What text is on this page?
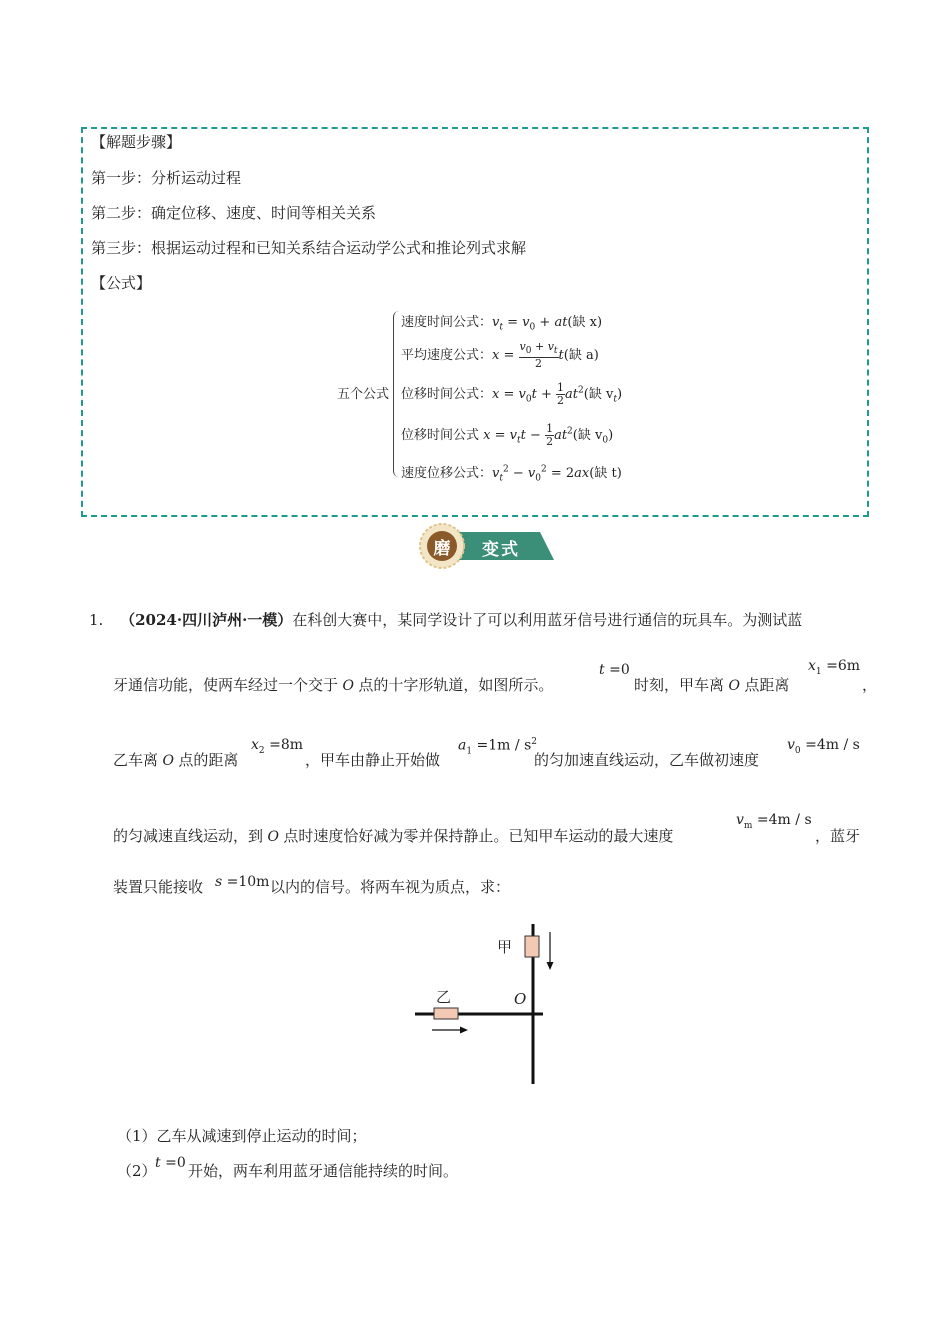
【解题步骤】
第一步：分析运动过程
第二步：确定位移、速度、时间等相关关系
第三步：根据运动过程和已知关系结合运动学公式和推论列式求解
【公式】
五个公式
速度时间公式：$v_t = v_0 + at$(缺 x)
平均速度公式：$x = \frac{v_0 + v_t}{2} t$(缺 a)
位移时间公式：$x = v_0t + \frac{1}{2} at^2$(缺 $v_t$)
位移时间公式 $x = v_tt - \frac{1}{2} at^2$(缺 $v_0$)
速度位移公式：$v_t^2 - v_0^2 = 2ax$(缺 t)
磨 变式
1. （2024·四川泸州·一模）在科创大赛中，某同学设计了可以利用蓝牙信号进行通信的玩具车。为测试蓝
牙通信功能，使两车经过一个交于 O 点的十字形轨道，如图所示。
t =0
时刻，甲车离 O 点距离
$x_1 =6m$
，
乙车离 O 点的距离
$x_2 =8m$
，甲车由静止开始做
$a_1 =1m / s^2$
的匀加速直线运动，乙车做初速度
$v_0 =4m / s$
的匀减速直线运动，到 O 点时速度恰好减为零并保持静止。已知甲车运动的最大速度
$v_m =4m / s$
，蓝牙
装置只能接收 s =10m 以内的信号。将两车视为质点，求：
甲
乙	O
（1）乙车从减速到停止运动的时间；
（2）
t =0 开始，两车利用蓝牙通信能持续的时间。
